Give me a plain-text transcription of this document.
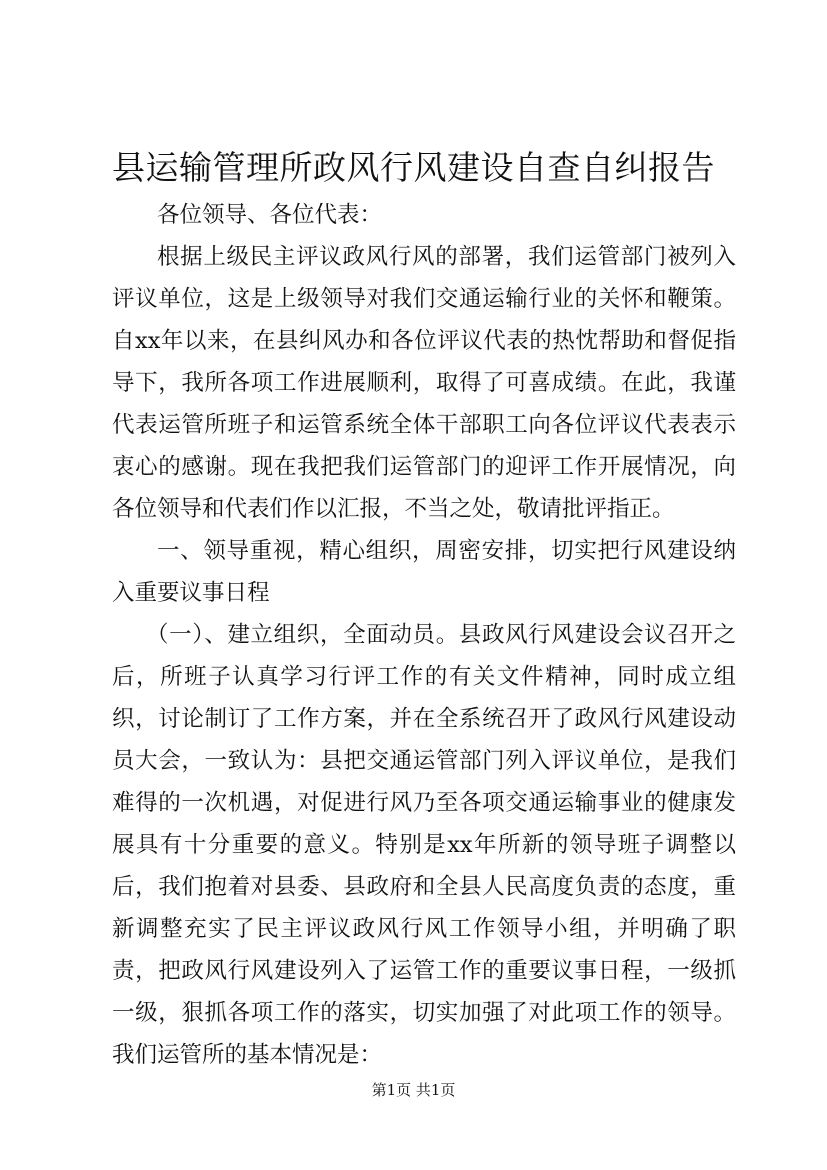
县运输管理所政风行风建设自查自纠报告

各位领导、各位代表：

根据上级民主评议政风行风的部署，我们运管部门被列入评议单位，这是上级领导对我们交通运输行业的关怀和鞭策。自xx年以来，在县纠风办和各位评议代表的热忱帮助和督促指导下，我所各项工作进展顺利，取得了可喜成绩。在此，我谨代表运管所班子和运管系统全体干部职工向各位评议代表表示衷心的感谢。现在我把我们运管部门的迎评工作开展情况，向各位领导和代表们作以汇报，不当之处，敬请批评指正。

一、领导重视，精心组织，周密安排，切实把行风建设纳入重要议事日程

（一）、建立组织，全面动员。县政风行风建设会议召开之后，所班子认真学习行评工作的有关文件精神，同时成立组织，讨论制订了工作方案，并在全系统召开了政风行风建设动员大会，一致认为：县把交通运管部门列入评议单位，是我们难得的一次机遇，对促进行风乃至各项交通运输事业的健康发展具有十分重要的意义。特别是xx年所新的领导班子调整以后，我们抱着对县委、县政府和全县人民高度负责的态度，重新调整充实了民主评议政风行风工作领导小组，并明确了职责，把政风行风建设列入了运管工作的重要议事日程，一级抓一级，狠抓各项工作的落实，切实加强了对此项工作的领导。我们运管所的基本情况是：

第1页 共1页
